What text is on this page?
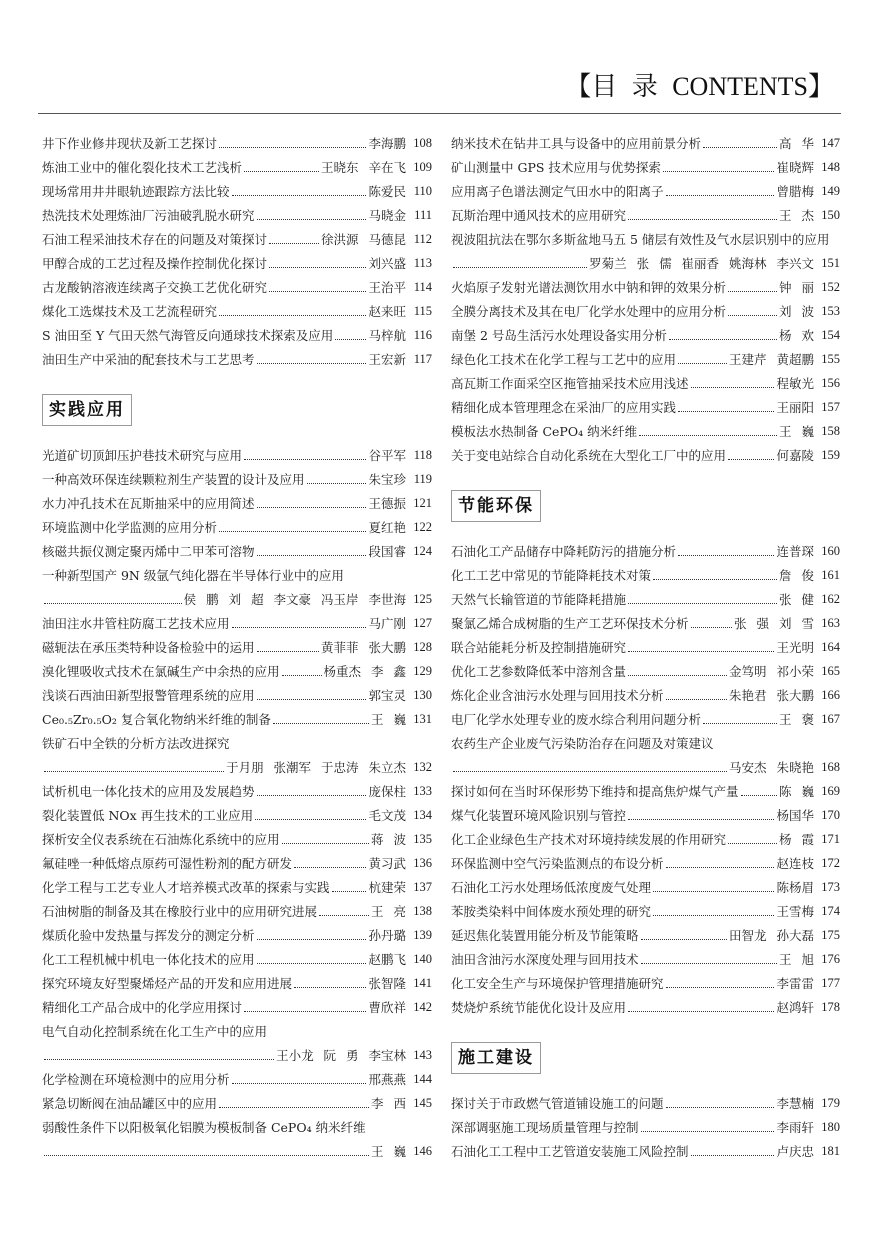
【目 录 CONTENTS】
井下作业修井现状及新工艺探讨	李海鹏 108
炼油工业中的催化裂化技术工艺浅析	王晓东 辛在飞 109
现场常用井井眼轨迹跟踪方法比较	陈爱民 110
热洗技术处理炼油厂污油破乳脱水研究	马晓金 111
石油工程采油技术存在的问题及对策探讨	徐洪源 马德昆 112
甲醇合成的工艺过程及操作控制优化探讨	刘兴盛 113
古龙酸钠溶液连续离子交换工艺优化研究	王治平 114
煤化工选煤技术及工艺流程研究	赵来旺 115
S 油田至 Y 气田天然气海管反向通球技术探索及应用	马梓航 116
油田生产中采油的配套技术与工艺思考	王宏新 117
实践应用
光道矿切顶卸压护巷技术研究与应用	谷平军 118
一种高效环保连续颗粒剂生产装置的设计及应用	朱宝珍 119
水力冲孔技术在瓦斯抽采中的应用简述	王德振 121
环境监测中化学监测的应用分析	夏红艳 122
核磁共振仪测定聚丙烯中二甲苯可溶物	段国睿 124
一种新型国产 9N 级氩气纯化器在半导体行业中的应用
侯 鹏 刘 超 李文豪 冯玉岸 李世海 125
油田注水井管柱防腐工艺技术应用	马广刚 127
磁轭法在承压类特种设备检验中的运用	黄菲菲 张大鹏 128
溴化锂吸收式技术在氯碱生产中余热的应用	杨重杰 李 鑫 129
浅谈石西油田新型报警管理系统的应用	郭宝灵 130
Ce₀.₅Zr₀.₅O₂ 复合氧化物纳米纤维的制备	王 巍 131
铁矿石中全铁的分析方法改进探究
于月朋 张潮军 于忠涛 朱立杰 132
试析机电一体化技术的应用及发展趋势	庞保柱 133
裂化装置低 NOx 再生技术的工业应用	毛文茂 134
探析安全仪表系统在石油炼化系统中的应用	蒋 波 135
氟硅唑一种低熔点原药可湿性粉剂的配方研发	黄习武 136
化学工程与工艺专业人才培养模式改革的探索与实践	杭建荣 137
石油树脂的制备及其在橡胶行业中的应用研究进展	王 亮 138
煤质化验中发热量与挥发分的测定分析	孙丹璐 139
化工工程机械中机电一体化技术的应用	赵鹏飞 140
探究环境友好型聚烯烃产品的开发和应用进展	张智隆 141
精细化工产品合成中的化学应用探讨	曹欣祥 142
电气自动化控制系统在化工生产中的应用
王小龙 阮 勇 李宝林 143
化学检测在环境检测中的应用分析	邢燕燕 144
紧急切断阀在油品罐区中的应用	李 西 145
弱酸性条件下以阳极氧化铝膜为模板制备 CePO₄ 纳米纤维
王 巍 146
纳米技术在钻井工具与设备中的应用前景分析	高 华 147
矿山测量中 GPS 技术应用与优势探索	崔晓辉 148
应用离子色谱法测定气田水中的阳离子	曾腊梅 149
瓦斯治理中通风技术的应用研究	王 杰 150
视波阻抗法在鄂尔多斯盆地马五 5 储层有效性及气水层识别中的应用
罗菊兰 张 儒 崔丽香 姚海林 李兴文 151
火焰原子发射光谱法测饮用水中钠和钾的效果分析	钟 丽 152
全膜分离技术及其在电厂化学水处理中的应用分析	刘 波 153
南堡 2 号岛生活污水处理设备实用分析	杨 欢 154
绿色化工技术在化学工程与工艺中的应用	王建芹 黄超鹏 155
高瓦斯工作面采空区拖管抽采技术应用浅述	程敏光 156
精细化成本管理理念在采油厂的应用实践	王丽阳 157
模板法水热制备 CePO₄ 纳米纤维	王 巍 158
关于变电站综合自动化系统在大型化工厂中的应用	何嘉陵 159
节能环保
石油化工产品储存中降耗防污的措施分析	连普琛 160
化工工艺中常见的节能降耗技术对策	詹 俊 161
天然气长输管道的节能降耗措施	张 健 162
聚氯乙烯合成树脂的生产工艺环保技术分析	张 强 刘 雪 163
联合站能耗分析及控制措施研究	王光明 164
优化工艺参数降低苯中溶剂含量	金笃明 祁小荣 165
炼化企业含油污水处理与回用技术分析	朱艳君 张大鹏 166
电厂化学水处理专业的废水综合利用问题分析	王 褒 167
农药生产企业废气污染防治存在问题及对策建议
马安杰 朱晓艳 168
探讨如何在当时环保形势下维持和提高焦炉煤气产量	陈 巍 169
煤气化装置环境风险识别与管控	杨国华 170
化工企业绿色生产技术对环境持续发展的作用研究	杨 霞 171
环保监测中空气污染监测点的布设分析	赵连枝 172
石油化工污水处理场低浓度废气处理	陈杨眉 173
苯胺类染料中间体废水预处理的研究	王雪梅 174
延迟焦化装置用能分析及节能策略	田智龙 孙大磊 175
油田含油污水深度处理与回用技术	王 旭 176
化工安全生产与环境保护管理措施研究	李雷雷 177
焚烧炉系统节能优化设计及应用	赵鸿轩 178
施工建设
探讨关于市政燃气管道铺设施工的问题	李慧楠 179
深部调驱施工现场质量管理与控制	李雨轩 180
石油化工工程中工艺管道安装施工风险控制	卢庆忠 181
